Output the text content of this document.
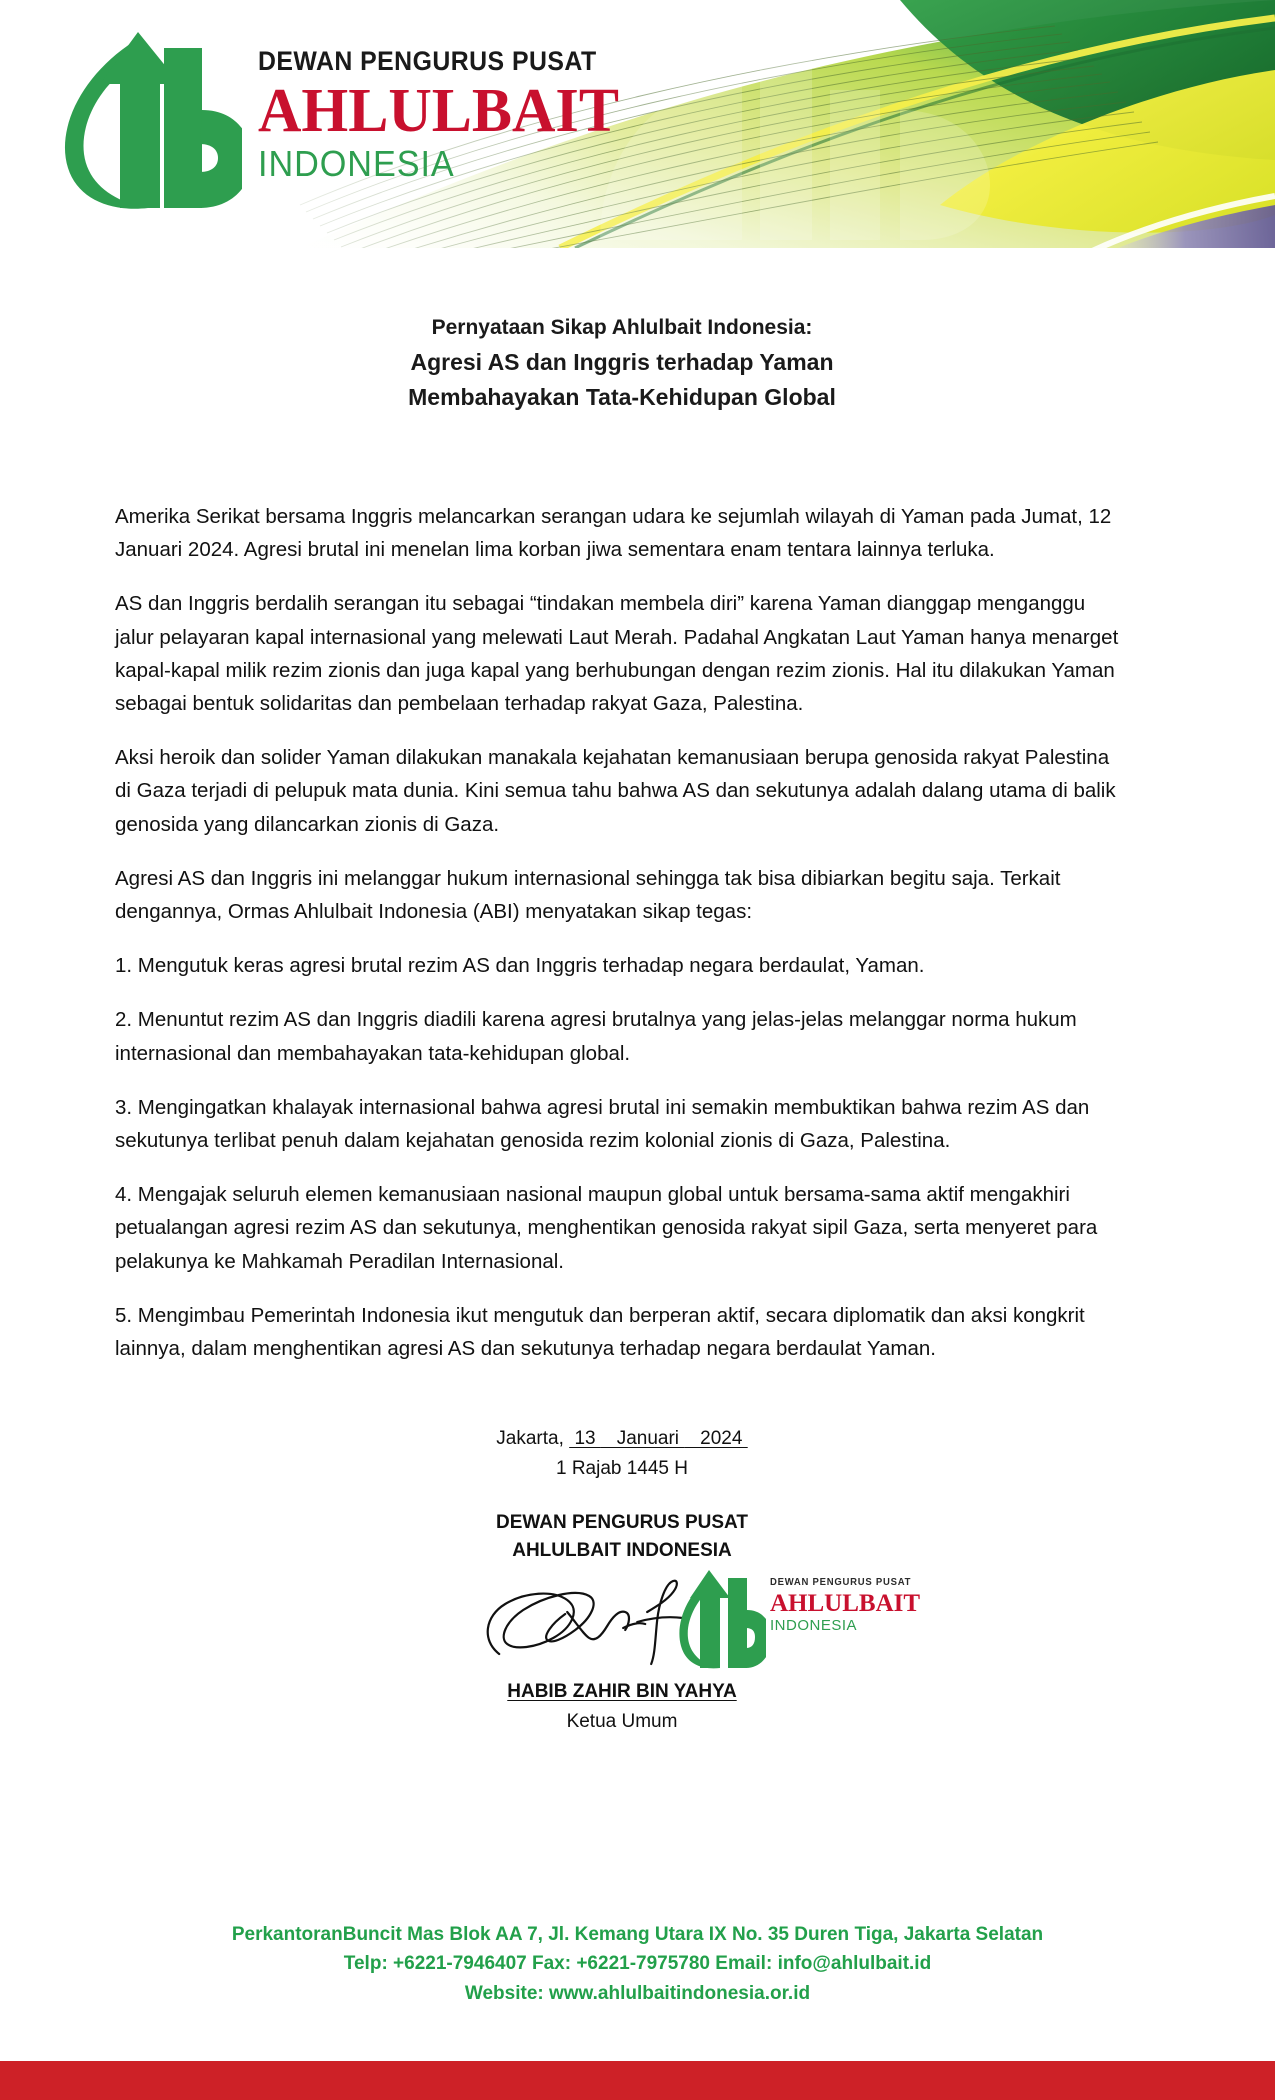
DEWAN PENGURUS PUSAT
AHLULBAIT
INDONESIA
Pernyataan Sikap Ahlulbait Indonesia:
Agresi AS dan Inggris terhadap Yaman
Membahayakan Tata-Kehidupan Global

Amerika Serikat bersama Inggris melancarkan serangan udara ke sejumlah wilayah di Yaman pada Jumat, 12 Januari 2024. Agresi brutal ini menelan lima korban jiwa sementara enam tentara lainnya terluka.

AS dan Inggris berdalih serangan itu sebagai “tindakan membela diri” karena Yaman dianggap menganggu jalur pelayaran kapal internasional yang melewati Laut Merah. Padahal Angkatan Laut Yaman hanya menarget kapal-kapal milik rezim zionis dan juga kapal yang berhubungan dengan rezim zionis. Hal itu dilakukan Yaman sebagai bentuk solidaritas dan pembelaan terhadap rakyat Gaza, Palestina.

Aksi heroik dan solider Yaman dilakukan manakala kejahatan kemanusiaan berupa genosida rakyat Palestina di Gaza terjadi di pelupuk mata dunia. Kini semua tahu bahwa AS dan sekutunya adalah dalang utama di balik genosida yang dilancarkan zionis di Gaza.

Agresi AS dan Inggris ini melanggar hukum internasional sehingga tak bisa dibiarkan begitu saja. Terkait dengannya, Ormas Ahlulbait Indonesia (ABI) menyatakan sikap tegas:

1. Mengutuk keras agresi brutal rezim AS dan Inggris terhadap negara berdaulat, Yaman.

2. Menuntut rezim AS dan Inggris diadili karena agresi brutalnya yang jelas-jelas melanggar norma hukum internasional dan membahayakan tata-kehidupan global.

3. Mengingatkan khalayak internasional bahwa agresi brutal ini semakin membuktikan bahwa rezim AS dan sekutunya terlibat penuh dalam kejahatan genosida rezim kolonial zionis di Gaza, Palestina.

4. Mengajak seluruh elemen kemanusiaan nasional maupun global untuk bersama-sama aktif mengakhiri petualangan agresi rezim AS dan sekutunya, menghentikan genosida rakyat sipil Gaza, serta menyeret para pelakunya ke Mahkamah Peradilan Internasional.

5. Mengimbau Pemerintah Indonesia ikut mengutuk dan berperan aktif, secara diplomatik dan aksi kongkrit lainnya, dalam menghentikan agresi AS dan sekutunya terhadap negara berdaulat Yaman.

Jakarta,  13    Januari    2024
1 Rajab 1445 H
DEWAN PENGURUS PUSAT
AHLULBAIT INDONESIA
DEWAN PENGURUS PUSAT
AHLULBAIT
INDONESIA
HABIB ZAHIR BIN YAHYA
Ketua Umum
PerkantoranBuncit Mas Blok AA 7, Jl. Kemang Utara IX No. 35 Duren Tiga, Jakarta Selatan
Telp: +6221-7946407 Fax: +6221-7975780 Email: info@ahlulbait.id
Website: www.ahlulbaitindonesia.or.id
